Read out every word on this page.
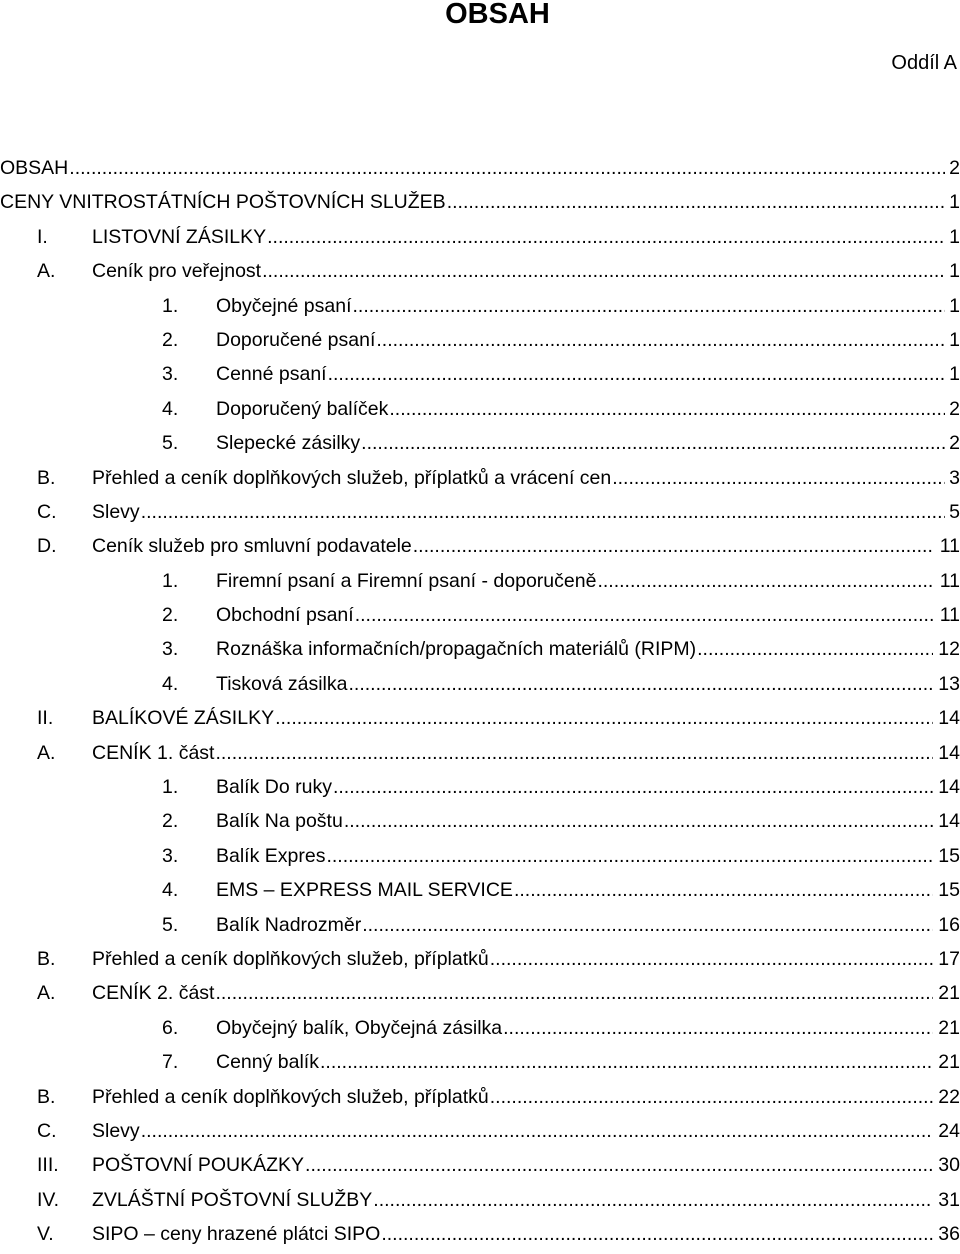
OBSAH
Oddíl A
OBSAH .....	2
CENY VNITROSTÁTNÍCH POŠTOVNÍCH SLUŽEB .....	1
I. LISTOVNÍ ZÁSILKY .....	1
A. Ceník pro veřejnost .....	1
1. Obyčejné psaní .....	1
2. Doporučené psaní .....	1
3. Cenné psaní .....	1
4. Doporučený balíček .....	2
5. Slepecké zásilky .....	2
B. Přehled a ceník doplňkových služeb, příplatků a vrácení cen .....	3
C. Slevy .....	5
D. Ceník služeb pro smluvní podavatele .....	11
1. Firemní psaní a Firemní psaní - doporučeně .....	11
2. Obchodní psaní .....	11
3. Roznáška informačních/propagačních materiálů (RIPM) .....	12
4. Tisková zásilka .....	13
II. BALÍKOVÉ ZÁSILKY .....	14
A. CENÍK 1. část .....	14
1. Balík Do ruky .....	14
2. Balík Na poštu .....	14
3. Balík Expres .....	15
4. EMS – EXPRESS MAIL SERVICE .....	15
5. Balík Nadrozměr .....	16
B. Přehled a ceník doplňkových služeb, příplatků .....	17
A. CENÍK 2. část .....	21
6. Obyčejný balík, Obyčejná zásilka .....	21
7. Cenný balík .....	21
B. Přehled a ceník doplňkových služeb, příplatků .....	22
C. Slevy .....	24
III. POŠTOVNÍ POUKÁZKY .....	30
IV. ZVLÁŠTNÍ POŠTOVNÍ SLUŽBY .....	31
V. SIPO – ceny hrazené plátci SIPO .....	36
